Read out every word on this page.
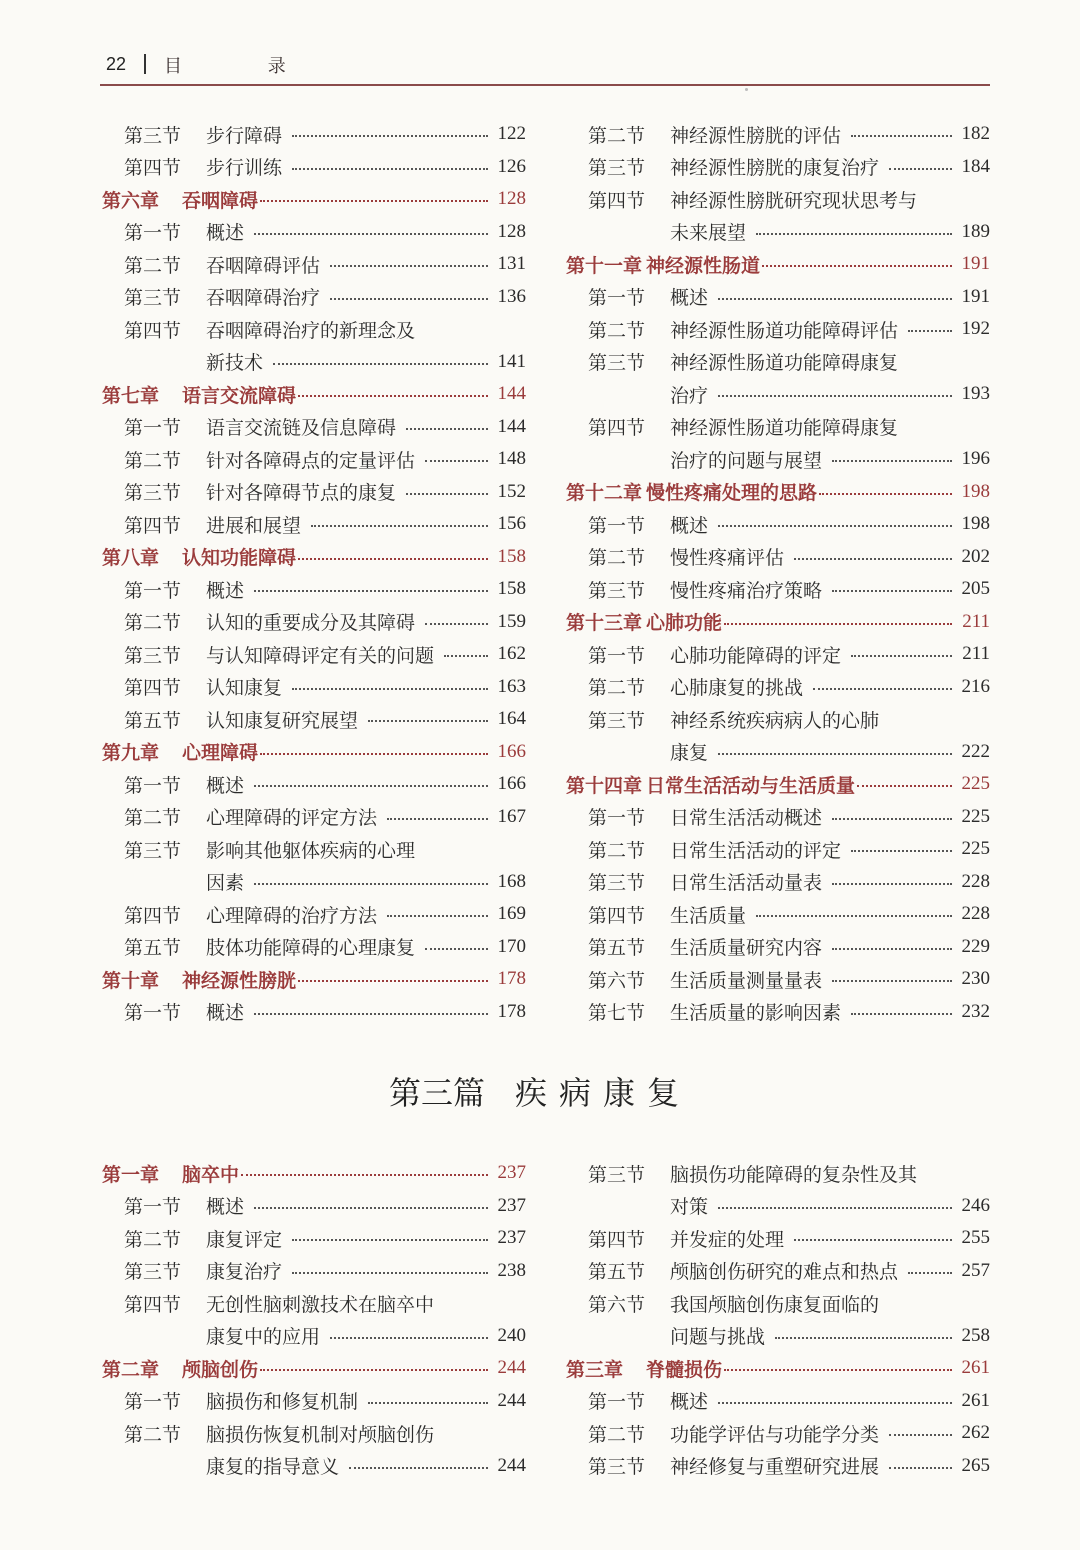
22 目 录
第三节	步行障碍	122
第四节	步行训练	126
第六章	吞咽障碍	128
第一节	概述	128
第二节	吞咽障碍评估	131
第三节	吞咽障碍治疗	136
第四节	吞咽障碍治疗的新理念及
新技术	141
第七章	语言交流障碍	144
第一节	语言交流链及信息障碍	144
第二节	针对各障碍点的定量评估	148
第三节	针对各障碍节点的康复	152
第四节	进展和展望	156
第八章	认知功能障碍	158
第一节	概述	158
第二节	认知的重要成分及其障碍	159
第三节	与认知障碍评定有关的问题	162
第四节	认知康复	163
第五节	认知康复研究展望	164
第九章	心理障碍	166
第一节	概述	166
第二节	心理障碍的评定方法	167
第三节	影响其他躯体疾病的心理
因素	168
第四节	心理障碍的治疗方法	169
第五节	肢体功能障碍的心理康复	170
第十章	神经源性膀胱	178
第一节	概述	178
第二节	神经源性膀胱的评估	182
第三节	神经源性膀胱的康复治疗	184
第四节	神经源性膀胱研究现状思考与
未来展望	189
第十一章 神经源性肠道	191
第一节	概述	191
第二节	神经源性肠道功能障碍评估	192
第三节	神经源性肠道功能障碍康复
治疗	193
第四节	神经源性肠道功能障碍康复
治疗的问题与展望	196
第十二章 慢性疼痛处理的思路	198
第一节	概述	198
第二节	慢性疼痛评估	202
第三节	慢性疼痛治疗策略	205
第十三章 心肺功能	211
第一节	心肺功能障碍的评定	211
第二节	心肺康复的挑战	216
第三节	神经系统疾病病人的心肺
康复	222
第十四章 日常生活活动与生活质量	225
第一节	日常生活活动概述	225
第二节	日常生活活动的评定	225
第三节	日常生活活动量表	228
第四节	生活质量	228
第五节	生活质量研究内容	229
第六节	生活质量测量量表	230
第七节	生活质量的影响因素	232
第三篇 疾病康复
第一章	脑卒中	237
第一节	概述	237
第二节	康复评定	237
第三节	康复治疗	238
第四节	无创性脑刺激技术在脑卒中
康复中的应用	240
第二章	颅脑创伤	244
第一节	脑损伤和修复机制	244
第二节	脑损伤恢复机制对颅脑创伤
康复的指导意义	244
第三节	脑损伤功能障碍的复杂性及其
对策	246
第四节	并发症的处理	255
第五节	颅脑创伤研究的难点和热点	257
第六节	我国颅脑创伤康复面临的
问题与挑战	258
第三章	脊髓损伤	261
第一节	概述	261
第二节	功能学评估与功能学分类	262
第三节	神经修复与重塑研究进展	265
